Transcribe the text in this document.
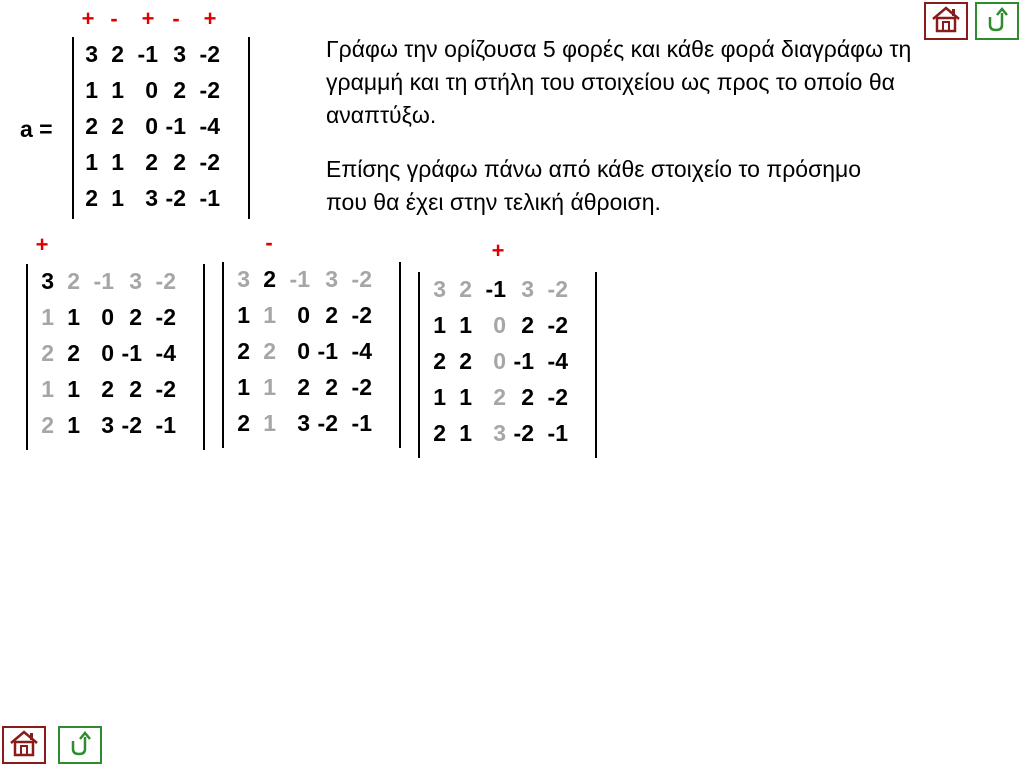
a =
+ -	+ -	+
3 2 -1 3 -2
1 1 0 2 -2
2 2 0 -1 -4
1 1 2 2 -2
2 1 3 -2 -1
Γράφω την ορίζουσα 5 φορές και κάθε φορά διαγράφω τη γραμμή και τη στήλη του στοιχείου ως προς το οποίο θα αναπτύξω.
Επίσης γράφω πάνω από κάθε στοιχείο το πρόσημο που θα έχει στην τελική άθροιση.
+
3 2 -1 3 -2
1 1 0 2 -2
2 2 0 -1 -4
1 1 2 2 -2
2 1 3 -2 -1
-
3 2 -1 3 -2
1 1 0 2 -2
2 2 0 -1 -4
1 1 2 2 -2
2 1 3 -2 -1
+
3 2 -1 3 -2
1 1 0 2 -2
2 2 0 -1 -4
1 1 2 2 -2
2 1 3 -2 -1
